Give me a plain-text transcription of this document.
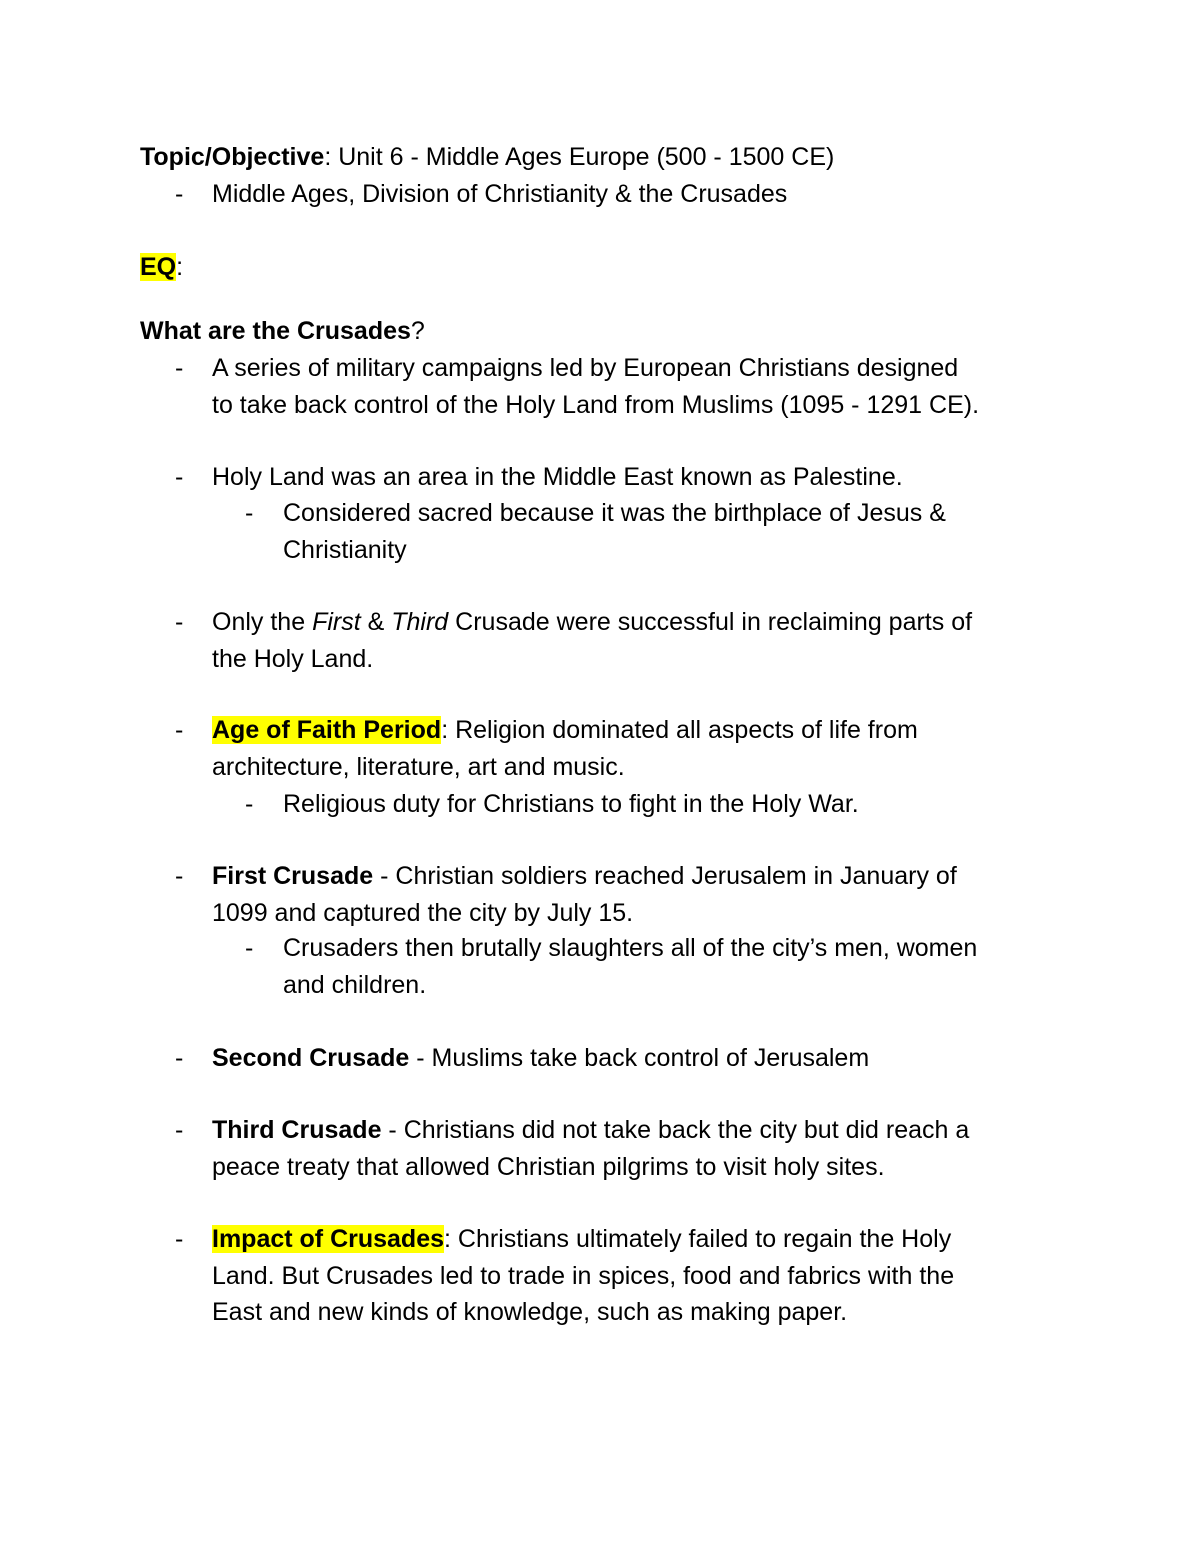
Topic/Objective: Unit 6 - Middle Ages Europe (500 - 1500 CE)
- Middle Ages, Division of Christianity & the Crusades
EQ:
What are the Crusades?
- A series of military campaigns led by European Christians designed
to take back control of the Holy Land from Muslims (1095 - 1291 CE).
- Holy Land was an area in the Middle East known as Palestine.
- Considered sacred because it was the birthplace of Jesus &
Christianity
- Only the First & Third Crusade were successful in reclaiming parts of
the Holy Land.
- Age of Faith Period: Religion dominated all aspects of life from
architecture, literature, art and music.
- Religious duty for Christians to fight in the Holy War.
- First Crusade - Christian soldiers reached Jerusalem in January of
1099 and captured the city by July 15.
- Crusaders then brutally slaughters all of the city’s men, women
and children.
- Second Crusade - Muslims take back control of Jerusalem
- Third Crusade - Christians did not take back the city but did reach a
peace treaty that allowed Christian pilgrims to visit holy sites.
- Impact of Crusades: Christians ultimately failed to regain the Holy
Land. But Crusades led to trade in spices, food and fabrics with the
East and new kinds of knowledge, such as making paper.
